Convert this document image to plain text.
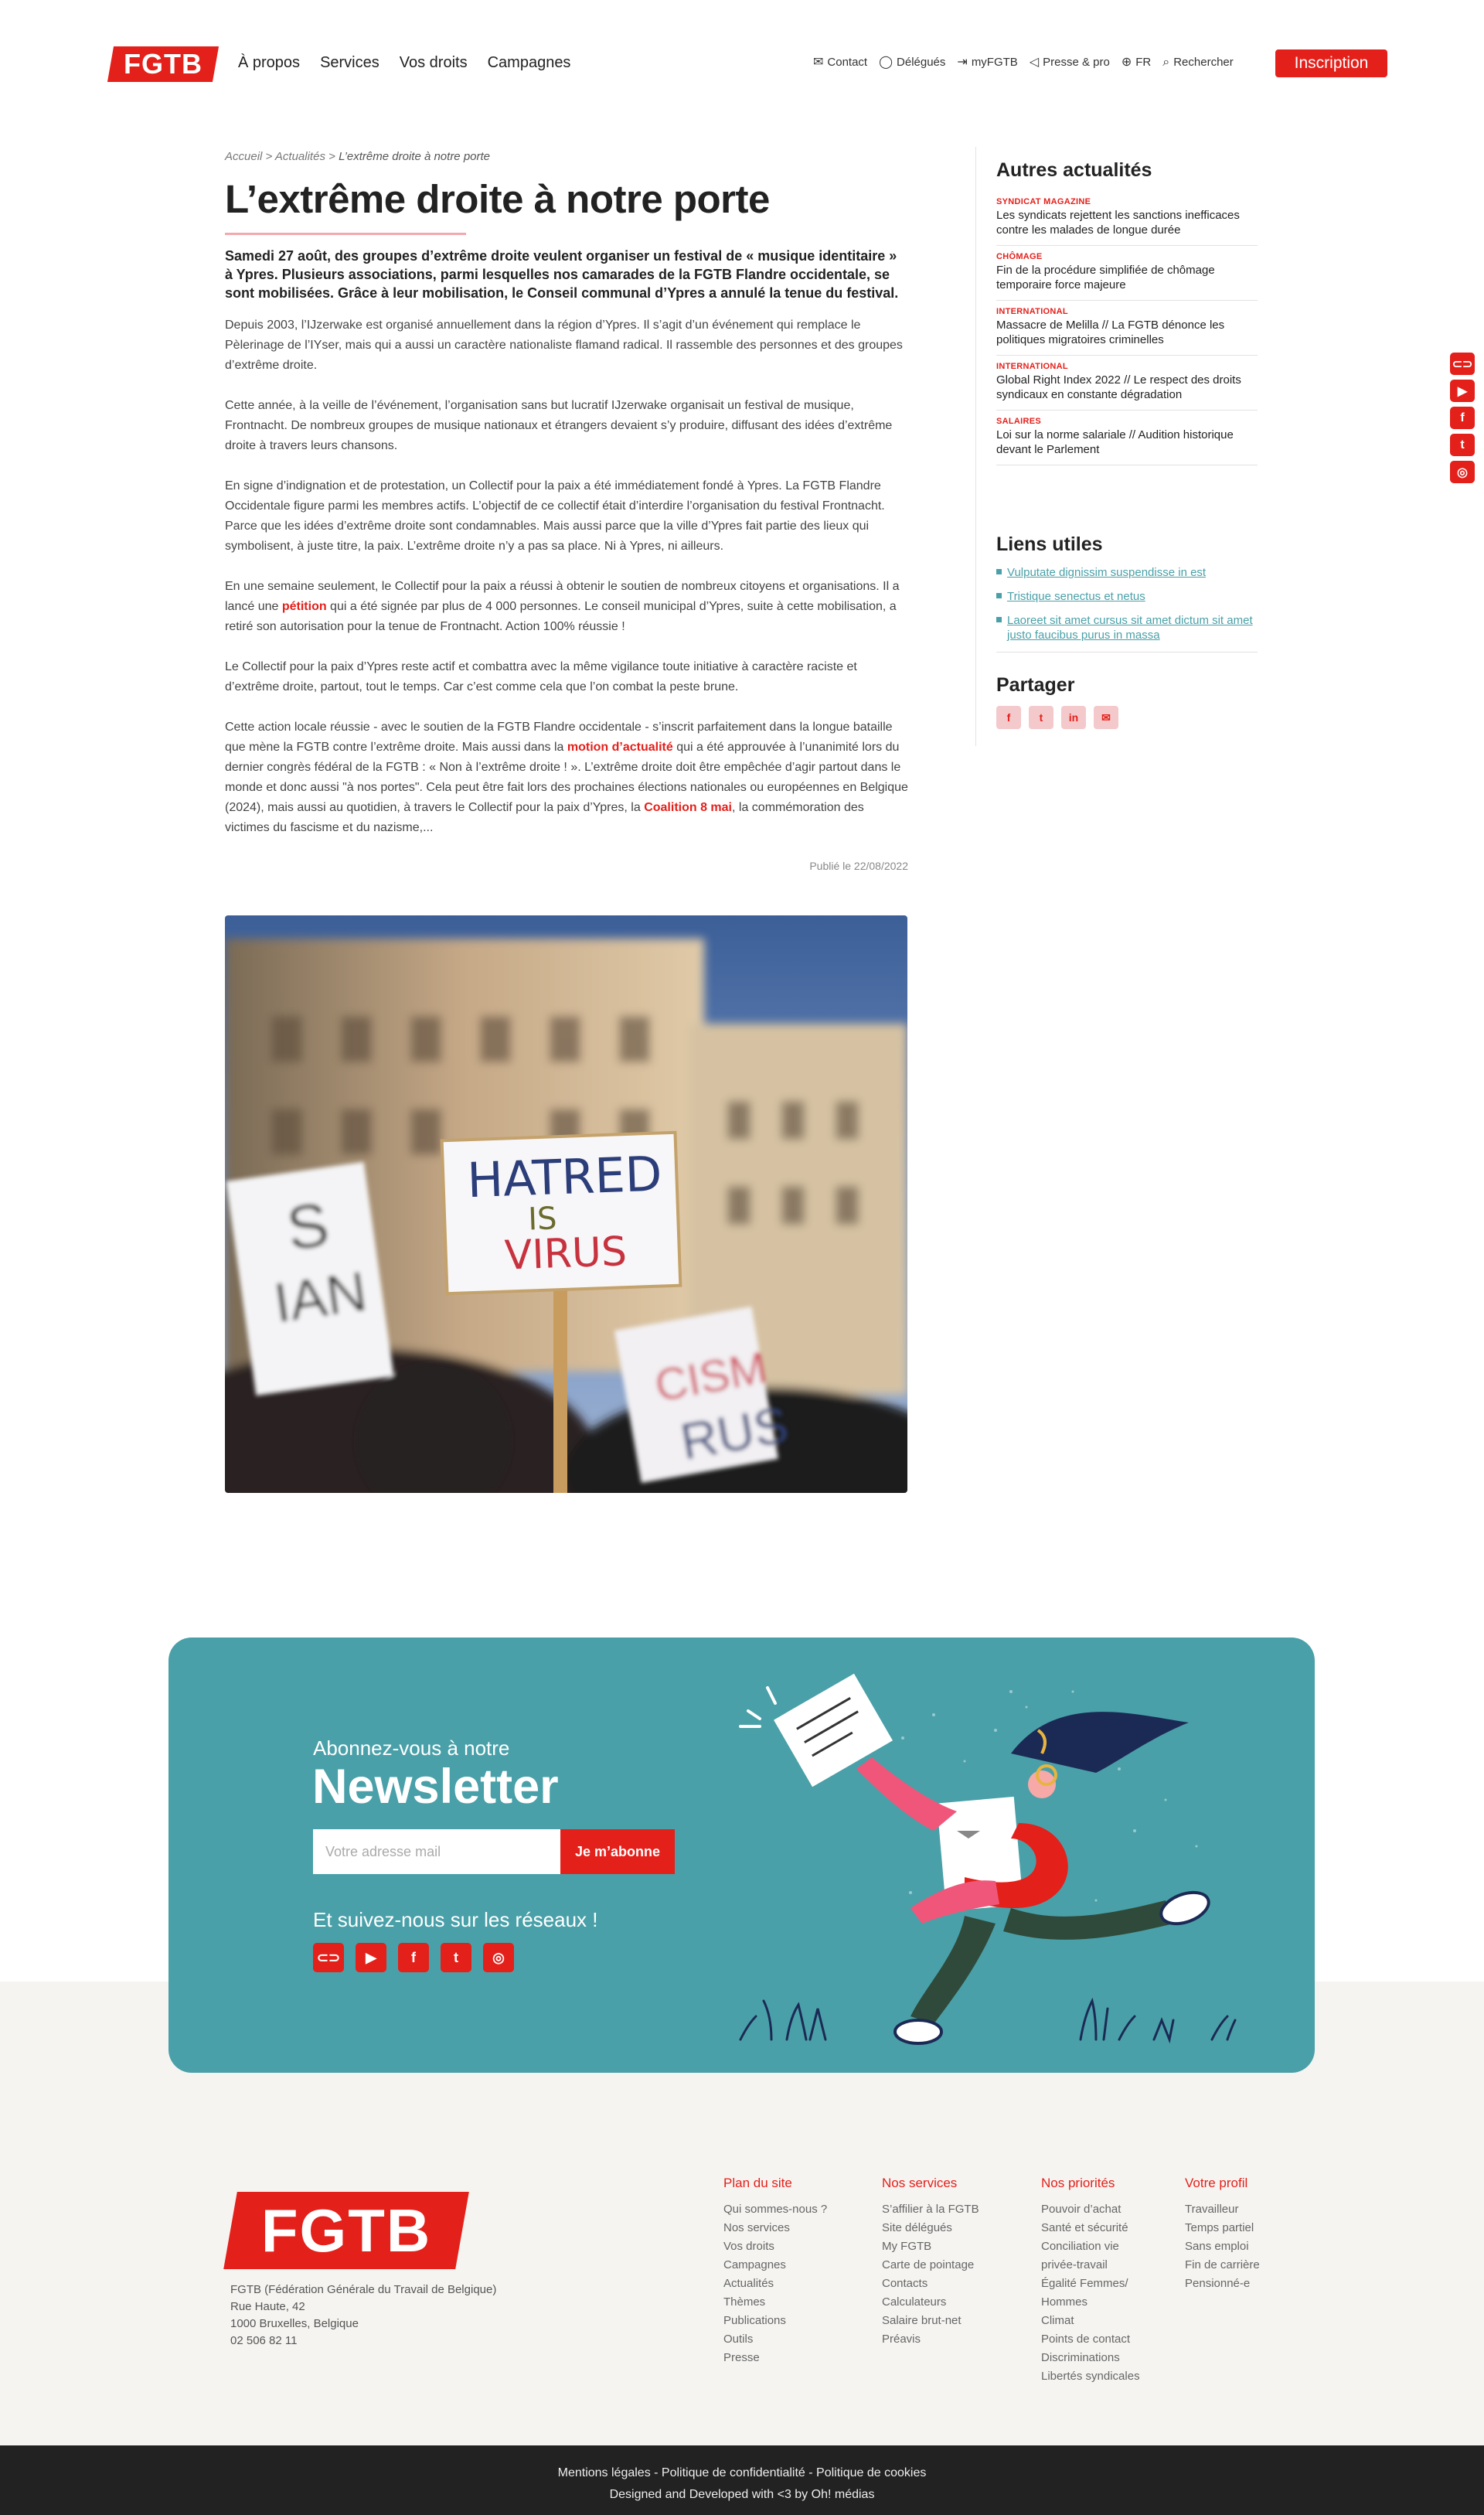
FGTB À propos Services Vos droits Campagnes	✉ Contact ◯ Délégués ⇥ myFGTB ◁ Presse & pro ⊕ FR ⌕ Rechercher	Inscription
⊂⊃
▶
f
t
◎
Accueil > Actualités > L’extrême droite à notre porte
L’extrême droite à notre porte

Samedi 27 août, des groupes d’extrême droite veulent organiser un festival de « musique identitaire » à Ypres. Plusieurs associations, parmi lesquelles nos camarades de la FGTB Flandre occidentale, se sont mobilisées. Grâce à leur mobilisation, le Conseil communal d’Ypres a annulé la tenue du festival.

Depuis 2003, l’IJzerwake est organisé annuellement dans la région d’Ypres. Il s’agit d’un événement qui remplace le Pèlerinage de l’IYser, mais qui a aussi un caractère nationaliste flamand radical. Il rassemble des personnes et des groupes d’extrême droite.

Cette année, à la veille de l’événement, l’organisation sans but lucratif IJzerwake organisait un festival de musique, Frontnacht. De nombreux groupes de musique nationaux et étrangers devaient s’y produire, diffusant des idées d’extrême droite à travers leurs chansons.

En signe d’indignation et de protestation, un Collectif pour la paix a été immédiatement fondé à Ypres. La FGTB Flandre Occidentale figure parmi les membres actifs. L’objectif de ce collectif était d’interdire l’organisation du festival Frontnacht. Parce que les idées d’extrême droite sont condamnables. Mais aussi parce que la ville d’Ypres fait partie des lieux qui symbolisent, à juste titre, la paix. L’extrême droite n’y a pas sa place. Ni à Ypres, ni ailleurs.

En une semaine seulement, le Collectif pour la paix a réussi à obtenir le soutien de nombreux citoyens et organisations. Il a lancé une pétition qui a été signée par plus de 4 000 personnes. Le conseil municipal d’Ypres, suite à cette mobilisation, a retiré son autorisation pour la tenue de Frontnacht. Action 100% réussie !

Le Collectif pour la paix d’Ypres reste actif et combattra avec la même vigilance toute initiative à caractère raciste et d’extrême droite, partout, tout le temps. Car c’est comme cela que l’on combat la peste brune.

Cette action locale réussie - avec le soutien de la FGTB Flandre occidentale - s’inscrit parfaitement dans la longue bataille que mène la FGTB contre l’extrême droite. Mais aussi dans la motion d’actualité qui a été approuvée à l’unanimité lors du dernier congrès fédéral de la FGTB : « Non à l’extrême droite ! ». L’extrême droite doit être empêchée d’agir partout dans le monde et donc aussi "à nos portes". Cela peut être fait lors des prochaines élections nationales ou européennes en Belgique (2024), mais aussi au quotidien, à travers le Collectif pour la paix d’Ypres, la Coalition 8 mai, la commémoration des victimes du fascisme et du nazisme,...

Publié le 22/08/2022
S
IAN
CISM
RUS
HATRED
IS
VIRUS
Autres actualités
SYNDICAT MAGAZINE
Les syndicats rejettent les sanctions inefficaces contre les malades de longue durée
CHÔMAGE
Fin de la procédure simplifiée de chômage temporaire force majeure
INTERNATIONAL
Massacre de Melilla // La FGTB dénonce les politiques migratoires criminelles
INTERNATIONAL
Global Right Index 2022 // Le respect des droits syndicaux en constante dégradation
SALAIRES
Loi sur la norme salariale // Audition historique devant le Parlement
Liens utiles
Vulputate dignissim suspendisse in est
Tristique senectus et netus
Laoreet sit amet cursus sit amet dictum sit amet justo faucibus purus in massa
Partager
f	t	in	✉
Abonnez-vous à notre
Newsletter
Votre adresse mail
Je m’abonne
Et suivez-nous sur les réseaux !
⊂⊃	▶	f	t	◎
FGTB
FGTB (Fédération Générale du Travail de Belgique)
Rue Haute, 42
1000 Bruxelles, Belgique
02 506 82 11
Plan du site
Qui sommes-nous ?
Nos services
Vos droits
Campagnes
Actualités
Thèmes
Publications
Outils
Presse
Nos services
S’affilier à la FGTB
Site délégués
My FGTB
Carte de pointage
Contacts
Calculateurs
Salaire brut-net
Préavis
Nos priorités
Pouvoir d’achat
Santé et sécurité
Conciliation vie privée-travail
Égalité Femmes/ Hommes
Climat
Points de contact
Discriminations
Libertés syndicales
Votre profil
Travailleur
Temps partiel
Sans emploi
Fin de carrière
Pensionné-e
Mentions légales - Politique de confidentialité - Politique de cookies
Designed and Developed with <3 by Oh! médias
